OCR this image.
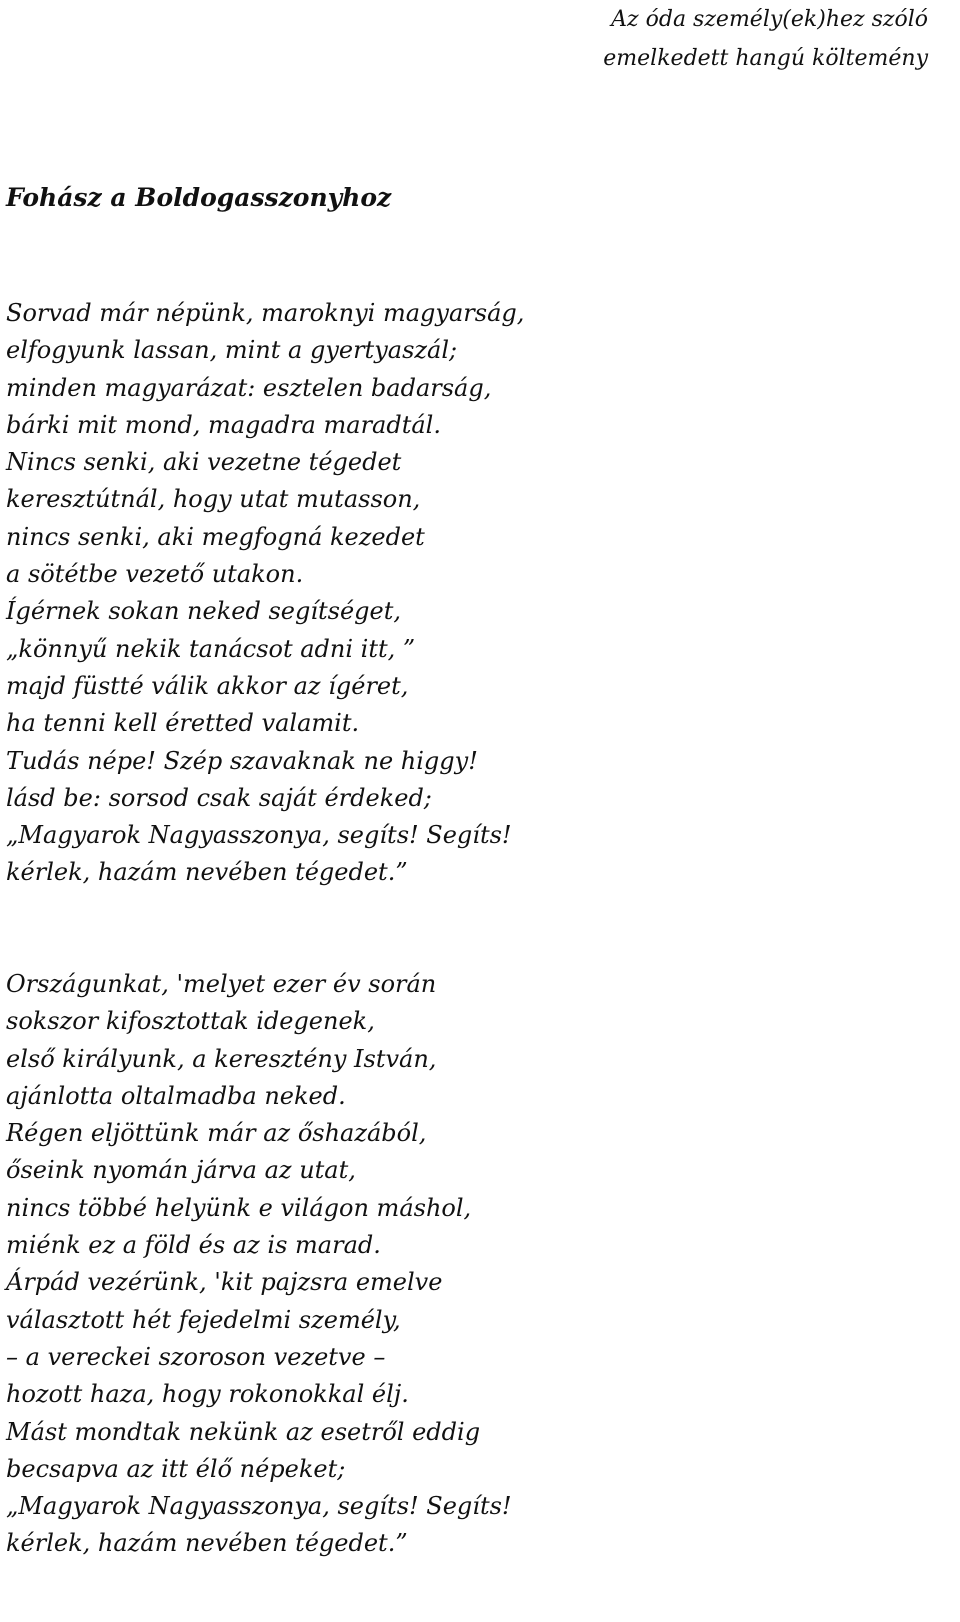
Az óda személy(ek)hez szóló
emelkedett hangú költemény
Fohász a Boldogasszonyhoz
Sorvad már népünk, maroknyi magyarság,
elfogyunk lassan, mint a gyertyaszál;
minden magyarázat: esztelen badarság,
bárki mit mond, magadra maradtál.
Nincs senki, aki vezetne tégedet
keresztútnál, hogy utat mutasson,
nincs senki, aki megfogná kezedet
a sötétbe vezető utakon.
Ígérnek sokan neked segítséget,
„könnyű nekik tanácsot adni itt, ”
majd füstté válik akkor az ígéret,
ha tenni kell éretted valamit.
Tudás népe! Szép szavaknak ne higgy!
lásd be: sorsod csak saját érdeked;
„Magyarok Nagyasszonya, segíts! Segíts!
kérlek, hazám nevében tégedet.”
Országunkat, 'melyet ezer év során
sokszor kifosztottak idegenek,
első királyunk, a keresztény István,
ajánlotta oltalmadba neked.
Régen eljöttünk már az őshazából,
őseink nyomán járva az utat,
nincs többé helyünk e világon máshol,
miénk ez a föld és az is marad.
Árpád vezérünk, 'kit pajzsra emelve
választott hét fejedelmi személy,
– a vereckei szoroson vezetve –
hozott haza, hogy rokonokkal élj.
Mást mondtak nekünk az esetről eddig
becsapva az itt élő népeket;
„Magyarok Nagyasszonya, segíts! Segíts!
kérlek, hazám nevében tégedet.”
